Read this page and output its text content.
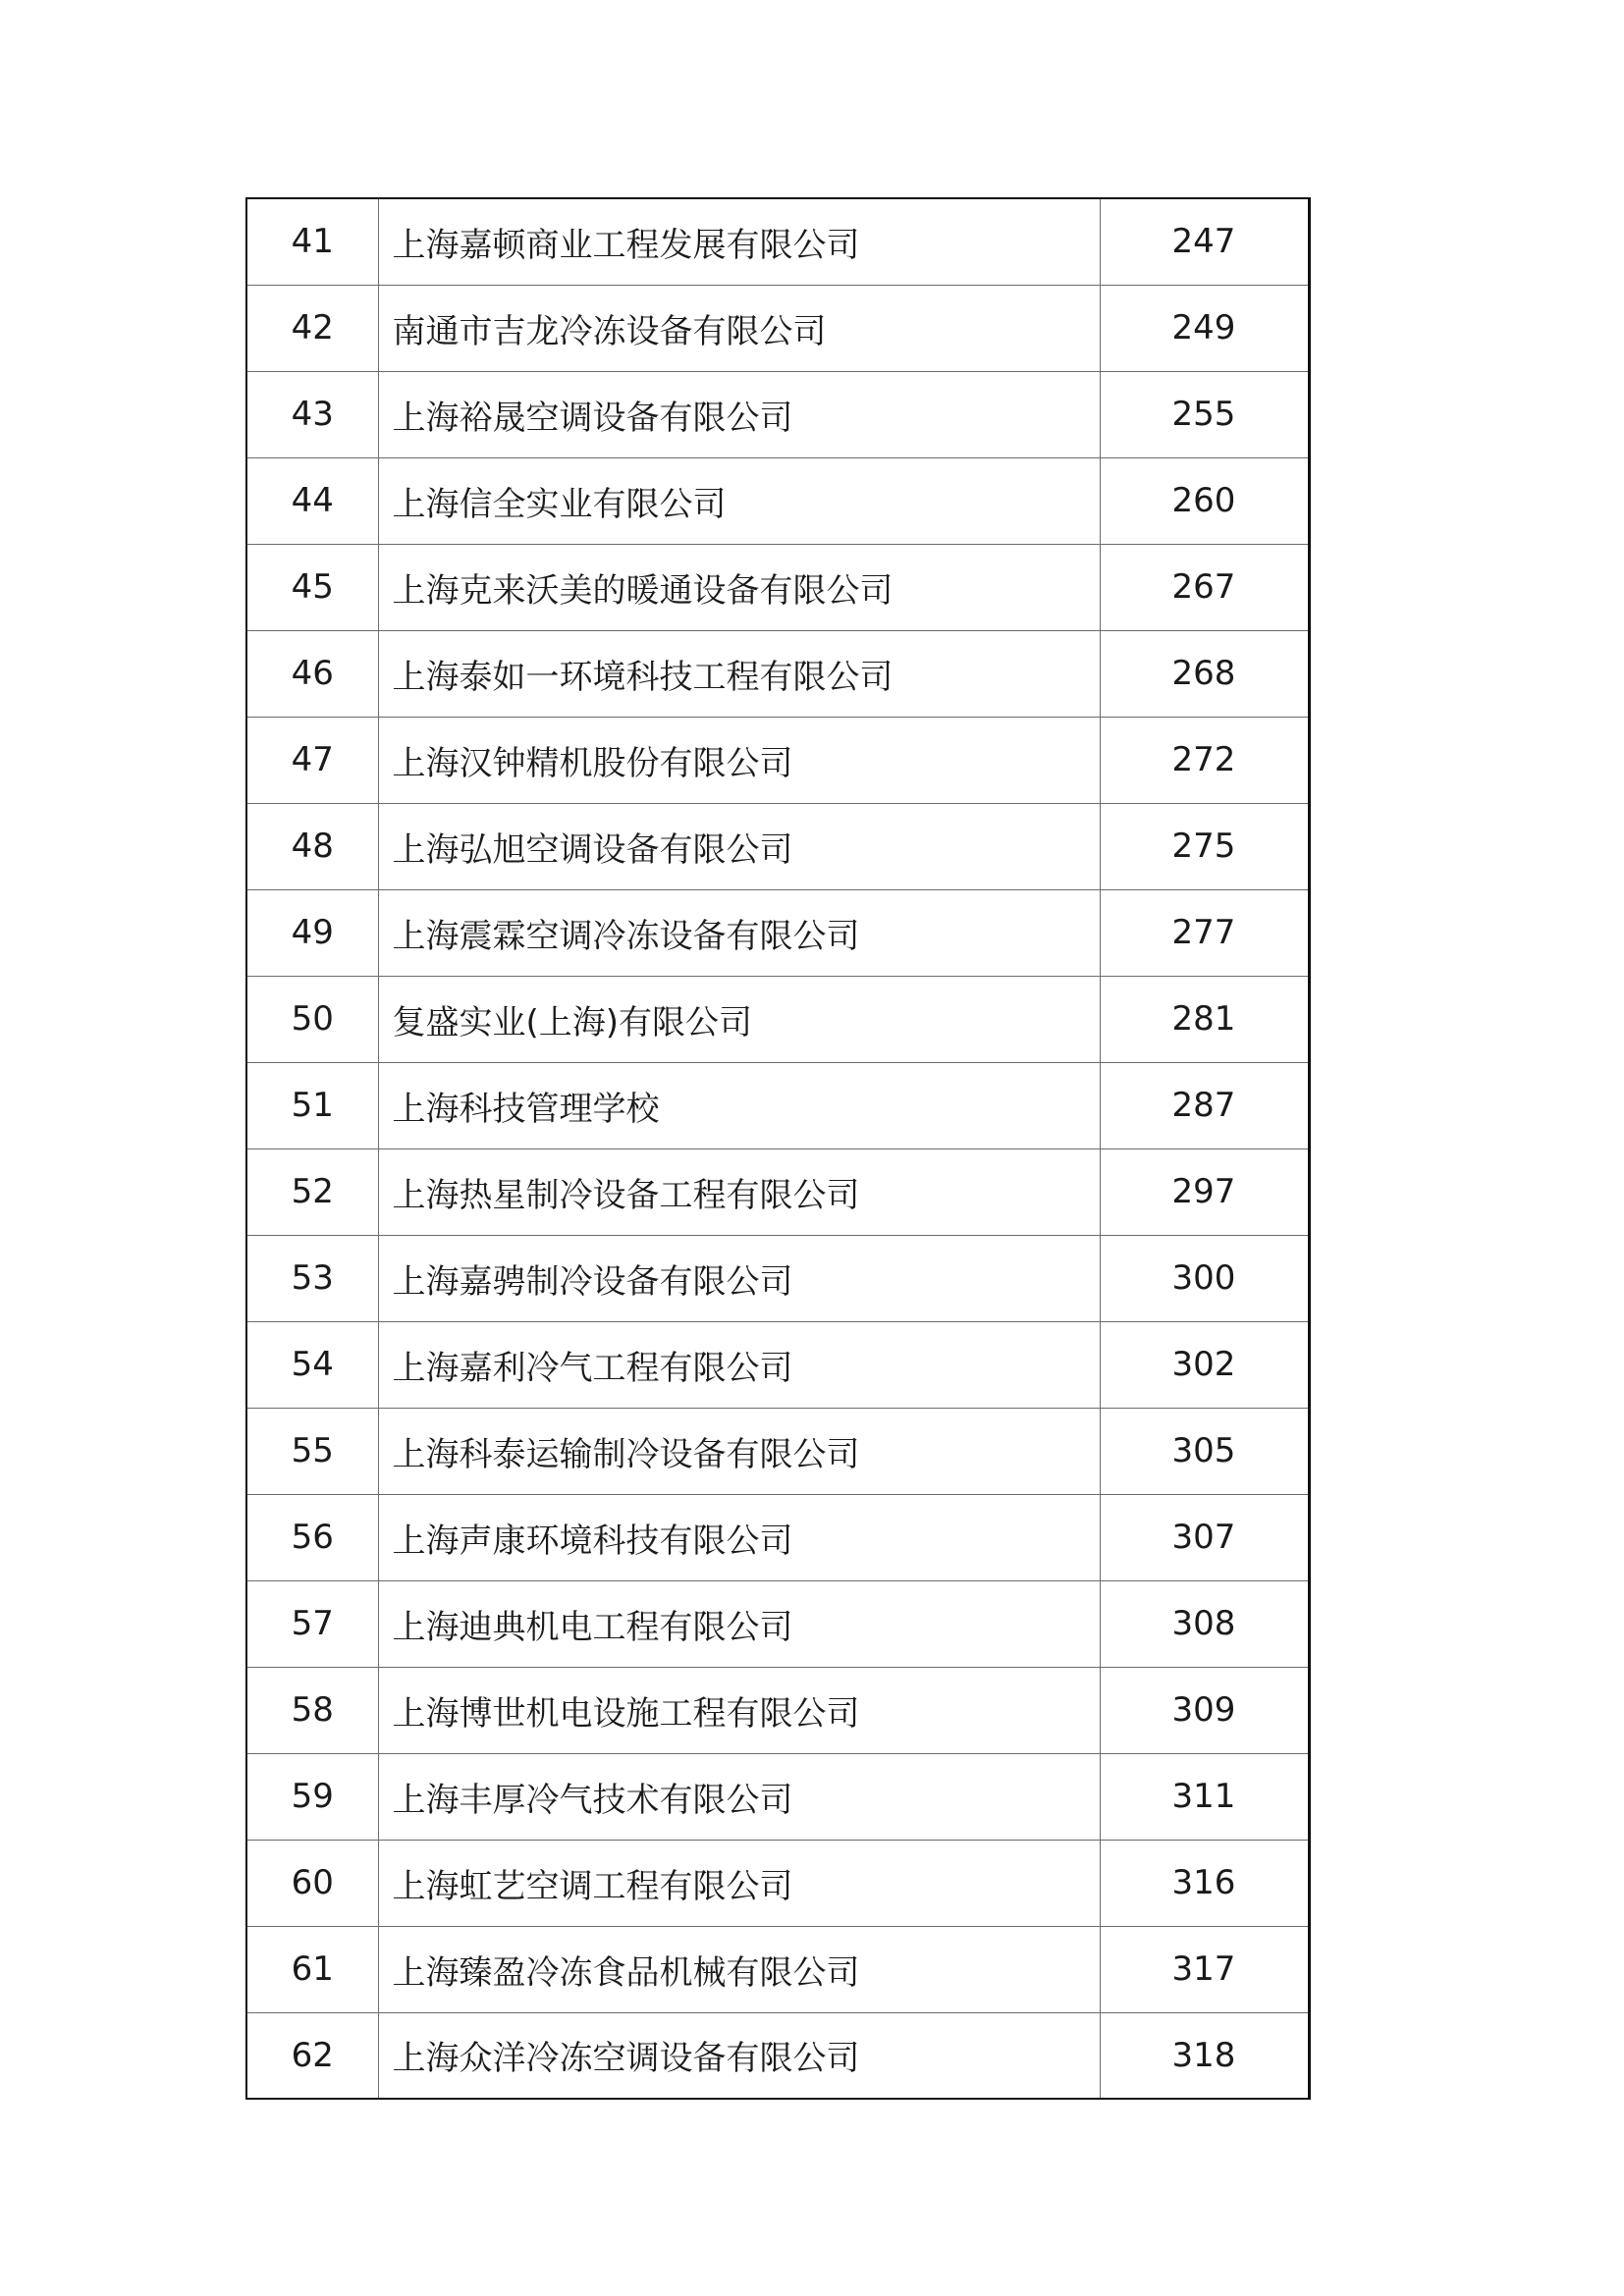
41	上海嘉顿商业工程发展有限公司	247
42	南通市吉龙冷冻设备有限公司	249
43	上海裕晟空调设备有限公司	255
44	上海信全实业有限公司	260
45	上海克来沃美的暖通设备有限公司	267
46	上海泰如一环境科技工程有限公司	268
47	上海汉钟精机股份有限公司	272
48	上海弘旭空调设备有限公司	275
49	上海震霖空调冷冻设备有限公司	277
50	复盛实业(上海)有限公司	281
51	上海科技管理学校	287
52	上海热星制冷设备工程有限公司	297
53	上海嘉骋制冷设备有限公司	300
54	上海嘉利冷气工程有限公司	302
55	上海科泰运输制冷设备有限公司	305
56	上海声康环境科技有限公司	307
57	上海迪典机电工程有限公司	308
58	上海博世机电设施工程有限公司	309
59	上海丰厚冷气技术有限公司	311
60	上海虹艺空调工程有限公司	316
61	上海臻盈冷冻食品机械有限公司	317
62	上海众洋冷冻空调设备有限公司	318
